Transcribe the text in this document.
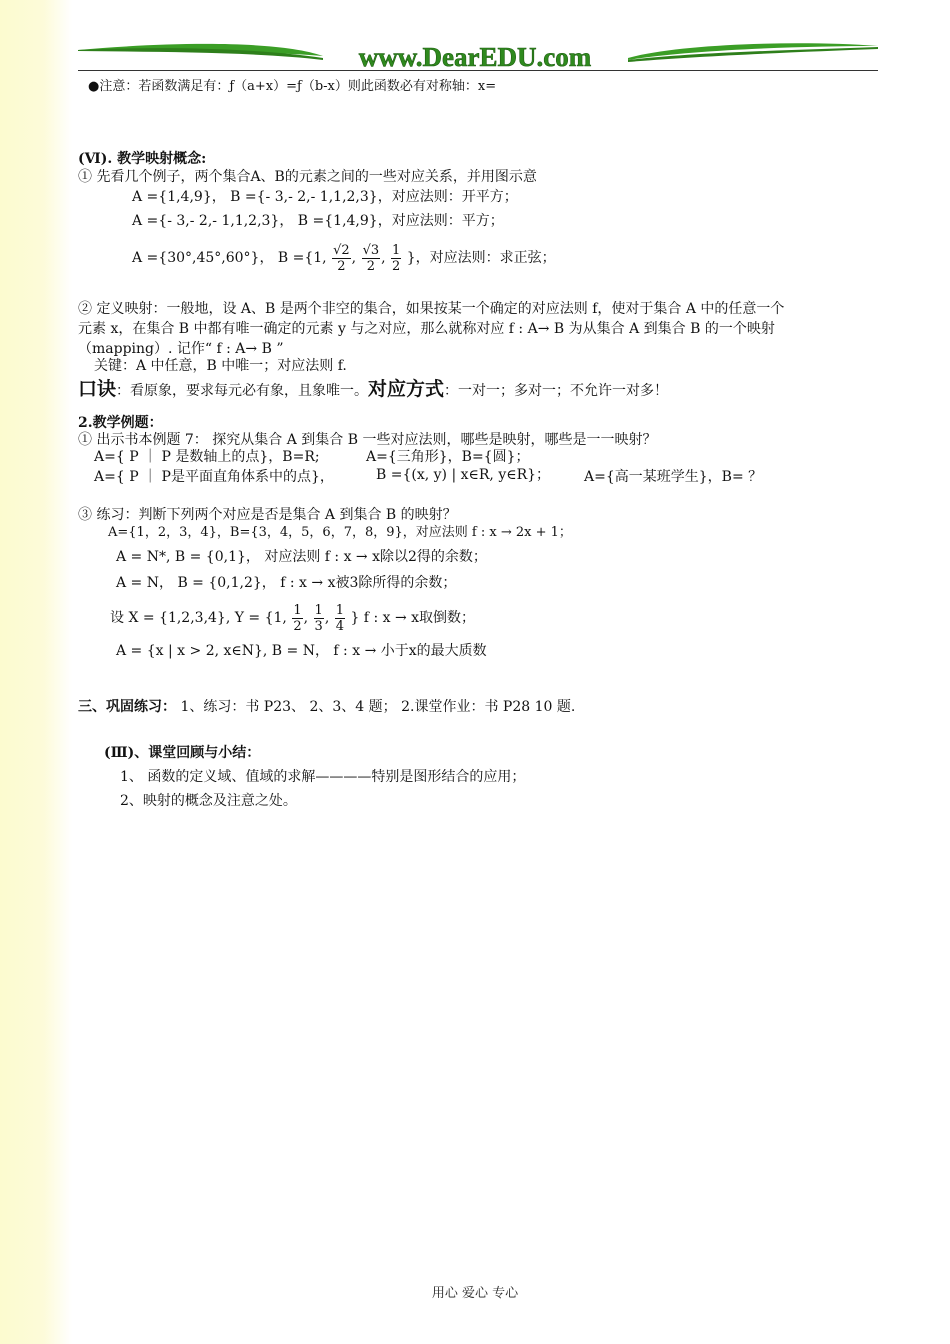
www.DearEDU.com
●注意：若函数满足有：ƒ（a+x）=ƒ（b-x）则此函数必有对称轴：x=
(Ⅵ). 教学映射概念:
① 先看几个例子，两个集合A、B的元素之间的一些对应关系，并用图示意
A ={1,4,9}， B ={- 3,- 2,- 1,1,2,3}，对应法则：开平方；
A ={- 3,- 2,- 1,1,2,3}， B ={1,4,9}，对应法则：平方；
A ={30°,45°,60°}， B ={1, $\frac{√2}{2}$ , $\frac{√3}{2}$ , $\frac{1}{2}$ }，对应法则：求正弦；
② 定义映射：一般地，设 A、B 是两个非空的集合，如果按某一个确定的对应法则 f，使对于集合 A 中的任意一个
元素 x，在集合 B 中都有唯一确定的元素 y 与之对应，那么就称对应 f : A→ B 为从集合 A 到集合 B 的一个映射
（mapping）. 记作“ f : A→ B ”
关键：A 中任意，B 中唯一；对应法则 f.
口诀：看原象，要求每元必有象，且象唯一。对应方式：一对一；多对一；不允许一对多！
2.教学例题：
① 出示书本例题 7： 探究从集合 A 到集合 B 一些对应法则，哪些是映射，哪些是一一映射？
A={ P ｜ P 是数轴上的点}，B=R;	A={三角形}，B={圆}；
A={ P ｜ P是平面直角体系中的点}，	B ={(x, y) | x∈R, y∈R}； A={高一某班学生}，B= ？
③ 练习：判断下列两个对应是否是集合 A 到集合 B 的映射？
A={1，2，3，4}，B={3，4，5，6，7，8，9}，对应法则 f : x → 2x + 1；
A = N*, B = {0,1}， 对应法则 f : x → x除以2得的余数；
A = N， B = {0,1,2}， f : x → x被3除所得的余数；
设 X = {1,2,3,4}, Y = {1, $\frac{1}{2}$ , $\frac{1}{3}$ , $\frac{1}{4}$ } f : x → x取倒数；
A = {x | x > 2, x∈N}, B = N， f : x → 小于x的最大质数
三、巩固练习： 1、练习：书 P23、 2、3、4 题； 2.课堂作业：书 P28 10 题.
(Ⅲ)、课堂回顾与小结：
1、 函数的定义域、值域的求解————特别是图形结合的应用；
2、映射的概念及注意之处。
用心 爱心 专心
